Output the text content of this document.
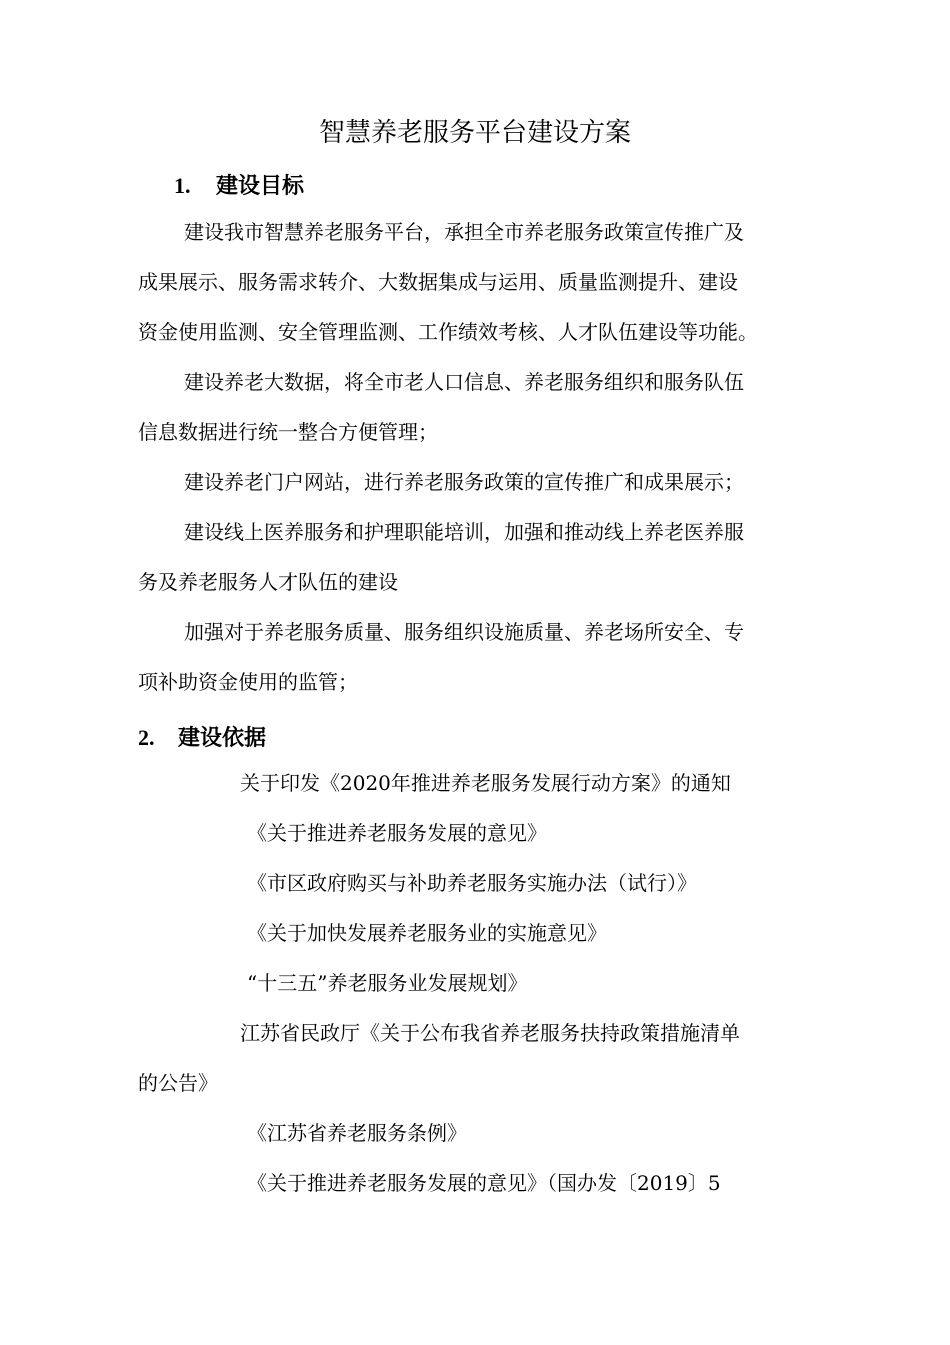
智慧养老服务平台建设方案
1. 建设目标
建设我市智慧养老服务平台，承担全市养老服务政策宣传推广及
成果展示、服务需求转介、大数据集成与运用、质量监测提升、建设
资金使用监测、安全管理监测、工作绩效考核、人才队伍建设等功能。
建设养老大数据，将全市老人口信息、养老服务组织和服务队伍
信息数据进行统一整合方便管理；
建设养老门户网站，进行养老服务政策的宣传推广和成果展示；
建设线上医养服务和护理职能培训，加强和推动线上养老医养服
务及养老服务人才队伍的建设
加强对于养老服务质量、服务组织设施质量、养老场所安全、专
项补助资金使用的监管；
2. 建设依据
关于印发《2020年推进养老服务发展行动方案》的通知
《关于推进养老服务发展的意见》
《市区政府购买与补助养老服务实施办法（试行）》
《关于加快发展养老服务业的实施意见》
“十三五”养老服务业发展规划》
江苏省民政厅《关于公布我省养老服务扶持政策措施清单
的公告》
《江苏省养老服务条例》
《关于推进养老服务发展的意见》（国办发〔2019〕5
